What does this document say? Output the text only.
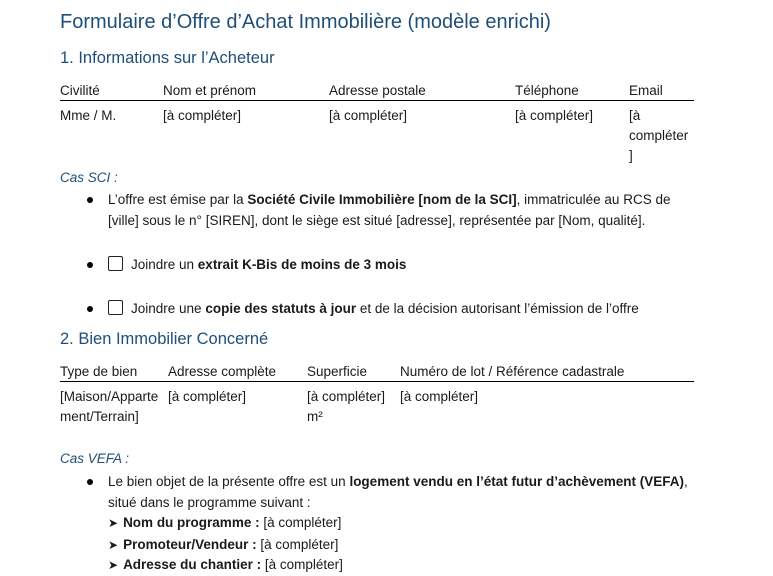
Formulaire d’Offre d’Achat Immobilière (modèle enrichi)
1. Informations sur l’Acheteur
Civilité	Nom et prénom	Adresse postale	Téléphone	Email
Mme / M.	[à compléter]	[à compléter]	[à compléter]	[à compléter]

Cas SCI :

L’offre est émise par la Société Civile Immobilière [nom de la SCI], immatriculée au RCS de [ville] sous le n° [SIREN], dont le siège est situé [adresse], représentée par [Nom, qualité].
Joindre un extrait K-Bis de moins de 3 mois
Joindre une copie des statuts à jour et de la décision autorisant l’émission de l’offre
2. Bien Immobilier Concerné
Type de bien	Adresse complète	Superficie	Numéro de lot / Référence cadastrale
[Maison/Appartement/Terrain]	[à compléter]	[à compléter] m²	[à compléter]

Cas VEFA :

Le bien objet de la présente offre est un logement vendu en l’état futur d’achèvement (VEFA), situé dans le programme suivant :
➤ Nom du programme : [à compléter]
➤ Promoteur/Vendeur : [à compléter]
➤ Adresse du chantier : [à compléter]
